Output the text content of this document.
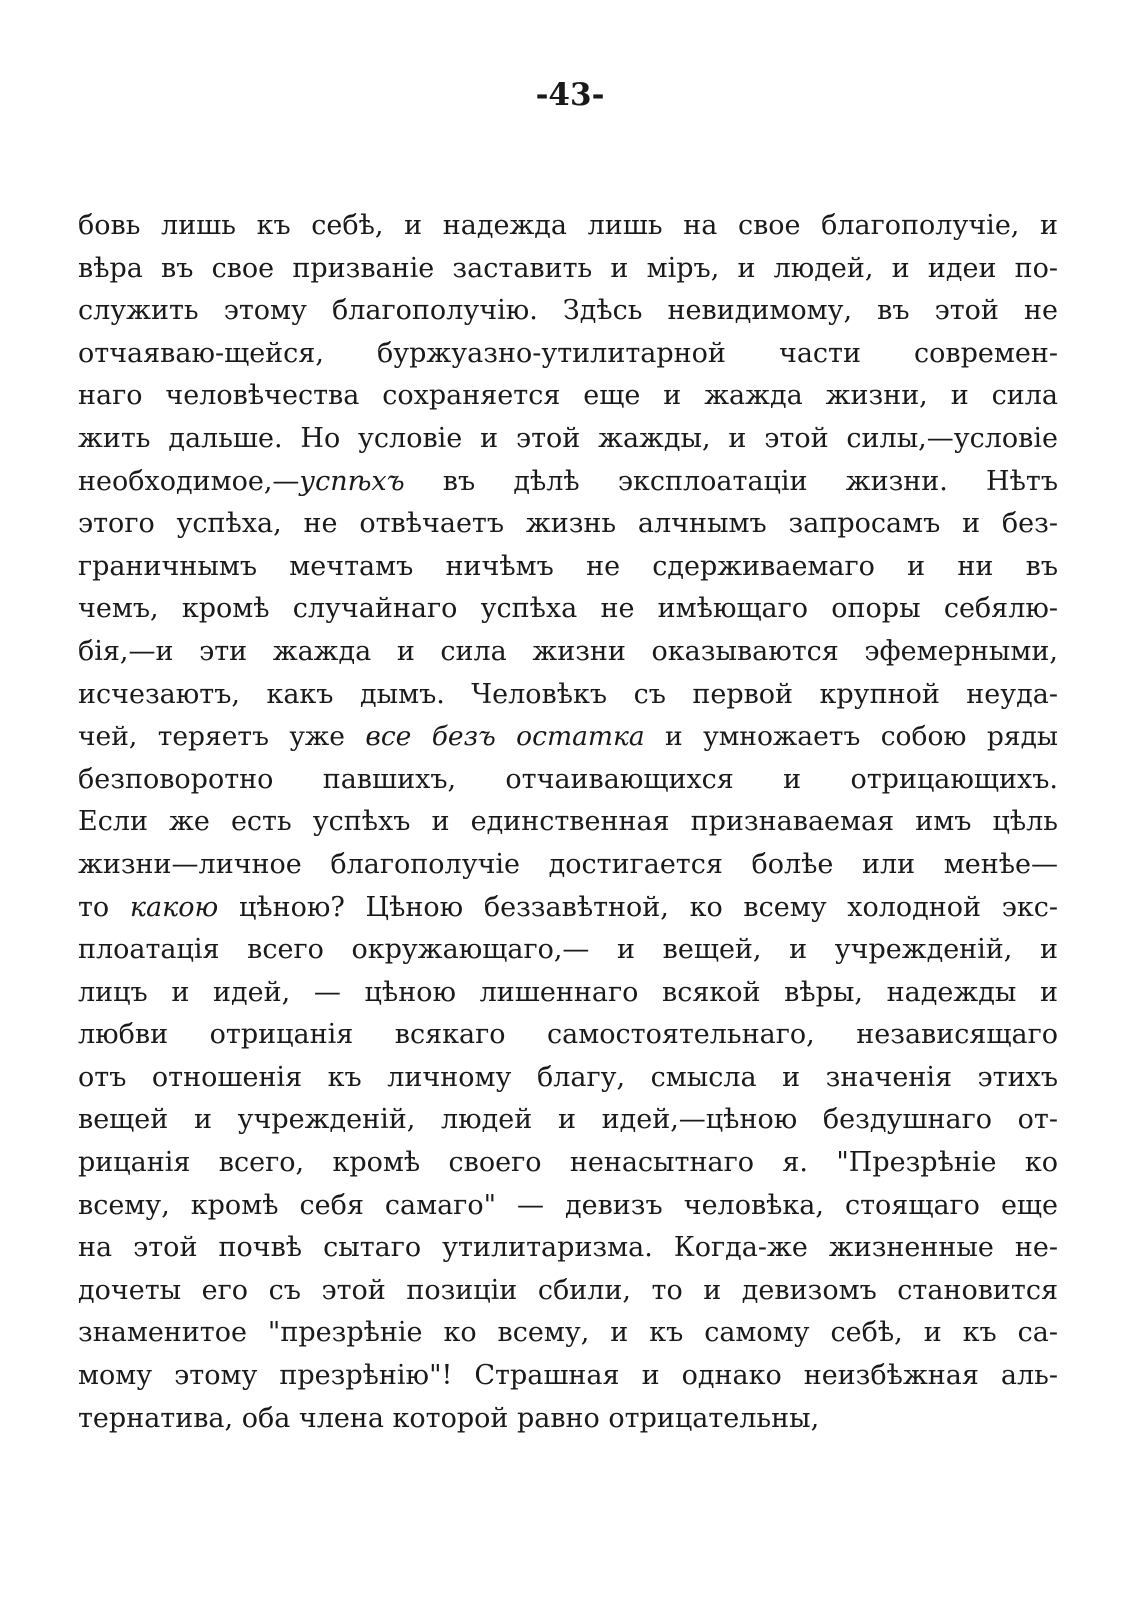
-43-
бовь лишь къ себѣ, и надежда лишь на свое благополучіе, и
вѣра въ свое призваніе заставить и міръ, и людей, и идеи по-
служить этому благополучію. Здѣсь невидимому, въ этой не
отчаяваю-щейся, буржуазно-утилитарной части современ-
наго человѣчества сохраняется еще и жажда жизни, и сила
жить дальше. Но условіе и этой жажды, и этой силы,—условіе
необходимое,—успѣхъ въ дѣлѣ эксплоатаціи жизни. Нѣтъ
этого успѣха, не отвѣчаетъ жизнь алчнымъ запросамъ и без-
граничнымъ мечтамъ ничѣмъ не сдерживаемаго и ни въ
чемъ, кромѣ случайнаго успѣха не имѣющаго опоры себялю-
бія,—и эти жажда и сила жизни оказываются эфемерными,
исчезаютъ, какъ дымъ. Человѣкъ съ первой крупной неуда-
чей, теряетъ уже все безъ остатка и умножаетъ собою ряды
безповоротно павшихъ, отчаивающихся и отрицающихъ.
Если же есть успѣхъ и единственная признаваемая имъ цѣль
жизни—личное благополучіе достигается болѣе или менѣе—
то какою цѣною? Цѣною беззавѣтной, ко всему холодной экс-
плоатація всего окружающаго,— и вещей, и учрежденій, и
лицъ и идей, — цѣною лишеннаго всякой вѣры, надежды и
любви отрицанія всякаго самостоятельнаго, независящаго
отъ отношенія къ личному благу, смысла и значенія этихъ
вещей и учрежденій, людей и идей,—цѣною бездушнаго от-
рицанія всего, кромѣ своего ненасытнаго я. "Презрѣніе ко
всему, кромѣ себя самаго" — девизъ человѣка, стоящаго еще
на этой почвѣ сытаго утилитаризма. Когда-же жизненные не-
дочеты его съ этой позиціи сбили, то и девизомъ становится
знаменитое "презрѣніе ко всему, и къ самому себѣ, и къ са-
мому этому презрѣнію"! Страшная и однако неизбѣжная аль-
тернатива, оба члена которой равно отрицательны,
